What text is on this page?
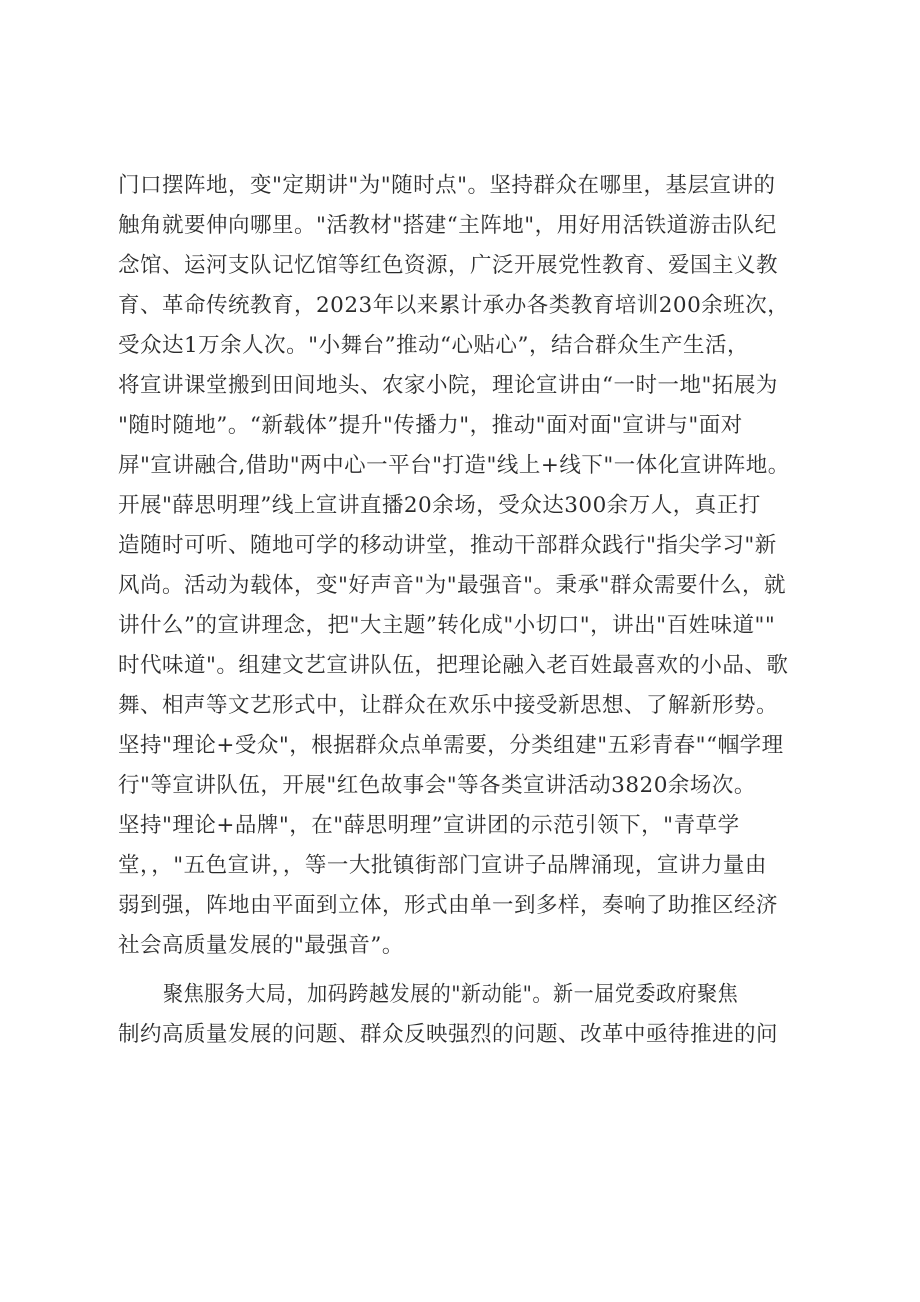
门口摆阵地，变"定期讲"为"随时点"。坚持群众在哪里，基层宣讲的
触角就要伸向哪里。"活教材"搭建“主阵地"，用好用活铁道游击队纪
念馆、运河支队记忆馆等红色资源，广泛开展党性教育、爱国主义教
育、革命传统教育，2023年以来累计承办各类教育培训200余班次，
受众达1万余人次。"小舞台”推动“心贴心”，结合群众生产生活，
将宣讲课堂搬到田间地头、农家小院，理论宣讲由“一时一地"拓展为
"随时随地”。“新载体”提升"传播力"，推动"面对面"宣讲与"面对
屏"宣讲融合,借助"两中心一平台"打造"线上+线下"一体化宣讲阵地。
开展"薛思明理”线上宣讲直播20余场，受众达300余万人，真正打
造随时可听、随地可学的移动讲堂，推动干部群众践行"指尖学习"新
风尚。活动为载体，变"好声音"为"最强音"。秉承"群众需要什么，就
讲什么”的宣讲理念，把"大主题”转化成"小切口"，讲出"百姓味道""
时代味道"。组建文艺宣讲队伍，把理论融入老百姓最喜欢的小品、歌
舞、相声等文艺形式中，让群众在欢乐中接受新思想、了解新形势。
坚持"理论+受众"，根据群众点单需要，分类组建"五彩青春"“帼学理
行"等宣讲队伍，开展"红色故事会"等各类宣讲活动3820余场次。
坚持"理论+品牌"，在"薛思明理”宣讲团的示范引领下，"青草学
堂，，"五色宣讲，，等一大批镇街部门宣讲子品牌涌现，宣讲力量由
弱到强，阵地由平面到立体，形式由单一到多样，奏响了助推区经济
社会高质量发展的"最强音”。
聚焦服务大局，加码跨越发展的"新动能"。新一届党委政府聚焦
制约高质量发展的问题、群众反映强烈的问题、改革中亟待推进的问
